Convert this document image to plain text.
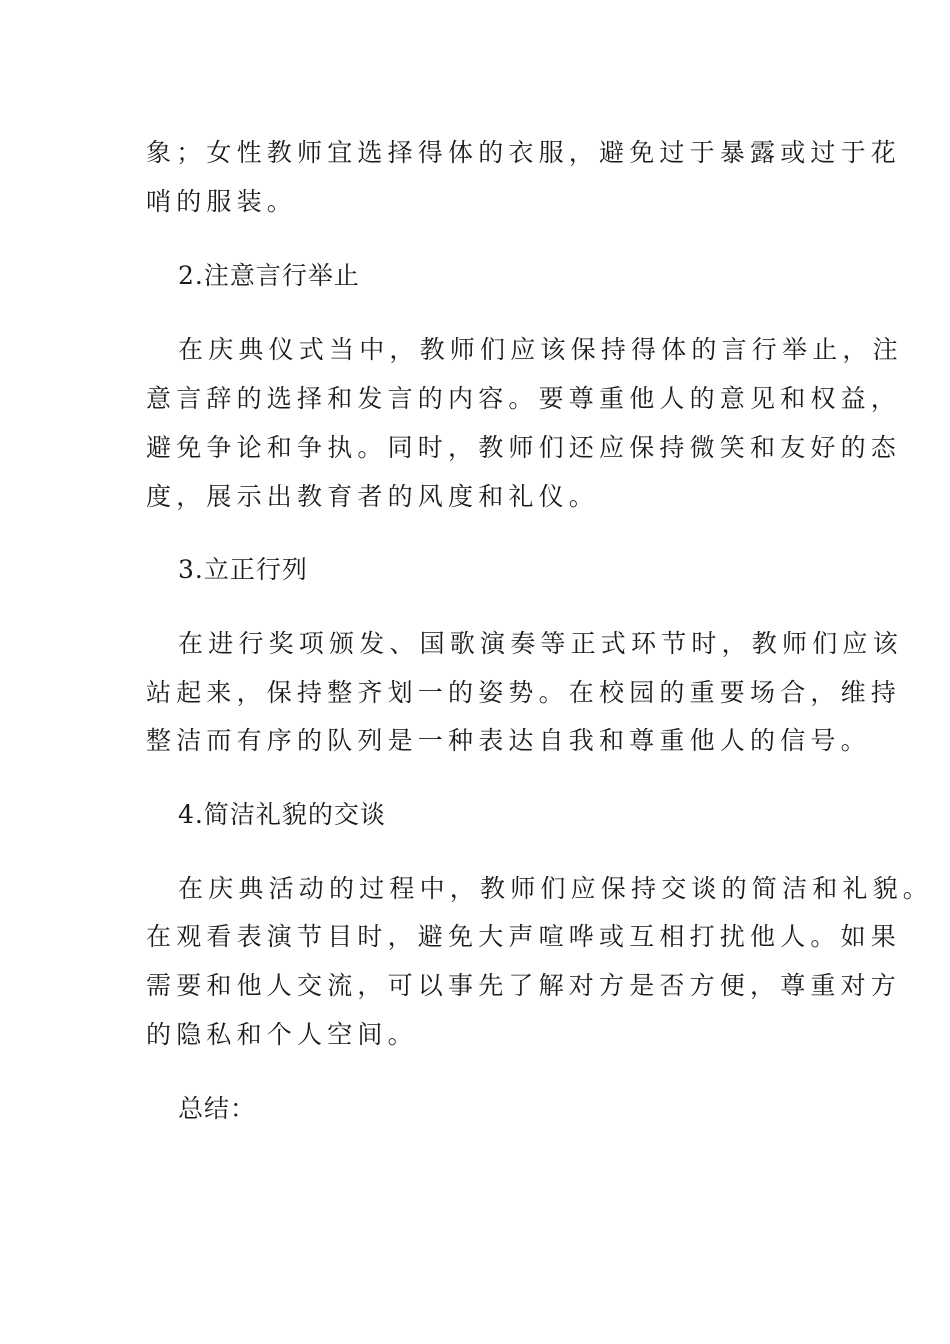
象；女性教师宜选择得体的衣服，避免过于暴露或过于花
哨的服装。
2.注意言行举止
在庆典仪式当中，教师们应该保持得体的言行举止，注
意言辞的选择和发言的内容。要尊重他人的意见和权益，
避免争论和争执。同时，教师们还应保持微笑和友好的态
度，展示出教育者的风度和礼仪。
3.立正行列
在进行奖项颁发、国歌演奏等正式环节时，教师们应该
站起来，保持整齐划一的姿势。在校园的重要场合，维持
整洁而有序的队列是一种表达自我和尊重他人的信号。
4.简洁礼貌的交谈
在庆典活动的过程中，教师们应保持交谈的简洁和礼貌。
在观看表演节目时，避免大声喧哗或互相打扰他人。如果
需要和他人交流，可以事先了解对方是否方便，尊重对方
的隐私和个人空间。
总结：
